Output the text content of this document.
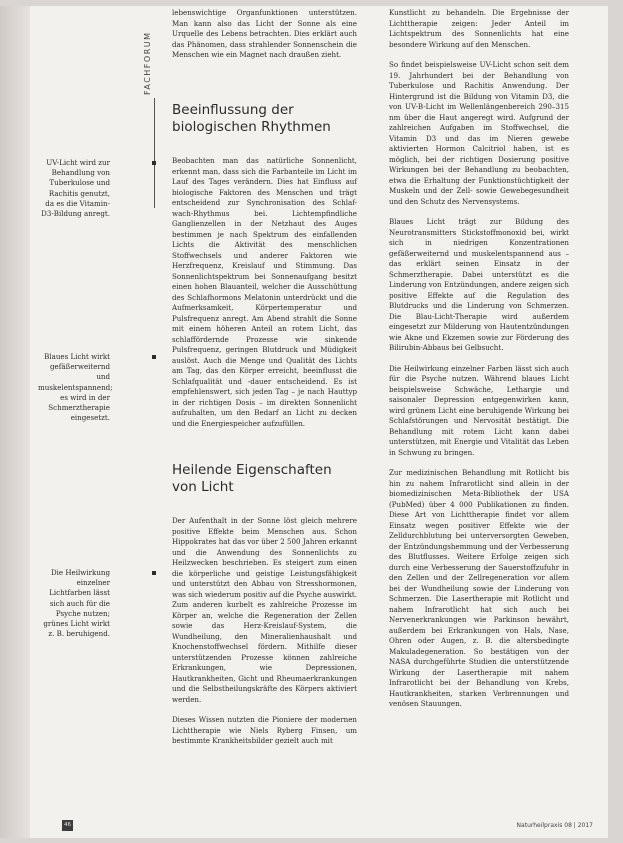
FACHFORUM

lebenswichtige Organfunktionen unterstützen. Man kann also das Licht der Sonne als eine Urquelle des Lebens betrachten. Dies erklärt auch das Phänomen, dass strahlender Sonnenschein die Menschen wie ein Magnet nach draußen zieht.

Beeinflussung der biologischen Rhythmen

Beobachten man das natürliche Sonnenlicht, erkennt man, dass sich die Farbanteile im Licht im Lauf des Tages verändern. Dies hat Einfluss auf biologische Faktoren des Menschen und trägt entscheidend zur Synchronisation des Schlaf-wach-Rhythmus bei. Lichtempfindliche Ganglienzellen in der Netzhaut des Auges bestimmen je nach Spektrum des einfallenden Lichts die Aktivität des menschlichen Stoffwechsels und anderer Faktoren wie Herzfrequenz, Kreislauf und Stimmung. Das Sonnenlichtspektrum bei Sonnenaufgang besitzt einen hohen Blauanteil, welcher die Ausschüttung des Schlafhormons Melatonin unterdrückt und die Aufmerksamkeit, Körpertemperatur und Pulsfrequenz anregt. Am Abend strahlt die Sonne mit einem höheren Anteil an rotem Licht, das schlaffördernde Prozesse wie sinkende Pulsfrequenz, geringen Blutdruck und Müdigkeit auslöst. Auch die Menge und Qualität des Lichts am Tag, das den Körper erreicht, beeinflusst die Schlafqualität und -dauer entscheidend. Es ist empfehlenswert, sich jeden Tag – je nach Hauttyp in der richtigen Dosis – im direkten Sonnenlicht aufzuhalten, um den Bedarf an Licht zu decken und die Energiespeicher aufzufüllen.

Heilende Eigenschaften von Licht

Der Aufenthalt in der Sonne löst gleich mehrere positive Effekte beim Menschen aus. Schon Hippokrates hat das vor über 2 500 Jahren erkannt und die Anwendung des Sonnenlichts zu Heilzwecken beschrieben. Es steigert zum einen die körperliche und geistige Leistungsfähigkeit und unterstützt den Abbau von Stresshormonen, was sich wiederum positiv auf die Psyche auswirkt. Zum anderen kurbelt es zahlreiche Prozesse im Körper an, welche die Regeneration der Zellen sowie das Herz-Kreislauf-System, die Wundheilung, den Mineralienhaushalt und Knochenstoffwechsel fördern. Mithilfe dieser unterstützenden Prozesse können zahlreiche Erkrankungen, wie Depressionen, Hautkrankheiten, Gicht und Rheumaerkrankungen und die Selbstheilungskräfte des Körpers aktiviert werden.

Dieses Wissen nutzten die Pioniere der modernen Lichttherapie wie Niels Ryberg Finsen, um bestimmte Krankheitsbilder gezielt auch mit

UV-Licht wird zur Behandlung von Tuberkulose und Rachitis genutzt, da es die Vitamin-D3-Bildung anregt.
Blaues Licht wirkt gefäßerweiternd und muskelentspannend; es wird in der Schmerztherapie eingesetzt.
Die Heilwirkung einzelner Lichtfarben lässt sich auch für die Psyche nutzen; grünes Licht wirkt z. B. beruhigend.

Kunstlicht zu behandeln. Die Ergebnisse der Lichttherapie zeigen: Jeder Anteil im Lichtspektrum des Sonnenlichts hat eine besondere Wirkung auf den Menschen.

So findet beispielsweise UV-Licht schon seit dem 19. Jahrhundert bei der Behandlung von Tuberkulose und Rachitis Anwendung. Der Hintergrund ist die Bildung von Vitamin D3, die von UV-B-Licht im Wellenlängenbereich 290–315 nm über die Haut angeregt wird. Aufgrund der zahlreichen Aufgaben im Stoffwechsel, die Vitamin D3 und das im Nieren gewebe aktivierten Hormon Calcitriol haben, ist es möglich, bei der richtigen Dosierung positive Wirkungen bei der Behandlung zu beobachten, etwa die Erhaltung der Funktionstüchtigkeit der Muskeln und der Zell- sowie Gewebegesundheit und den Schutz des Nervensystems.

Blaues Licht trägt zur Bildung des Neurotransmitters Stickstoffmonoxid bei, wirkt sich in niedrigen Konzentrationen gefäßerweiternd und muskelentspannend aus – das erklärt seinen Einsatz in der Schmerztherapie. Dabei unterstützt es die Linderung von Entzündungen, andere zeigen sich positive Effekte auf die Regulation des Blutdrucks und die Linderung von Schmerzen. Die Blau-Licht-Therapie wird außerdem eingesetzt zur Milderung von Hautentzündungen wie Akne und Ekzemen sowie zur Förderung des Bilirubin-Abbaus bei Gelbsucht.

Die Heilwirkung einzelner Farben lässt sich auch für die Psyche nutzen. Während blaues Licht beispielsweise Schwäche, Lethargie und saisonaler Depression entgegenwirken kann, wird grünem Licht eine beruhigende Wirkung bei Schlafstörungen und Nervosität bestätigt. Die Behandlung mit rotem Licht kann dabei unterstützen, mit Energie und Vitalität das Leben in Schwung zu bringen.

Zur medizinischen Behandlung mit Rotlicht bis hin zu nahem Infrarotlicht sind allein in der biomedizinischen Meta-Bibliothek der USA (PubMed) über 4 000 Publikationen zu finden. Diese Art von Lichttherapie findet vor allem Einsatz wegen positiver Effekte wie der Zelldurchblutung bei unterversorgten Geweben, der Entzündungshemmung und der Verbesserung des Blutflusses. Weitere Erfolge zeigen sich durch eine Verbesserung der Sauerstoffzufuhr in den Zellen und der Zellregeneration vor allem bei der Wundheilung sowie der Linderung von Schmerzen. Die Lasertherapie mit Rotlicht und nahem Infrarotlicht hat sich auch bei Nervenerkrankungen wie Parkinson bewährt, außerdem bei Erkrankungen von Hals, Nase, Ohren oder Augen, z. B. die altersbedingte Makuladegeneration. So bestätigen von der NASA durchgeführte Studien die unterstützende Wirkung der Lasertherapie mit nahem Infrarotlicht bei der Behandlung von Krebs, Hautkrankheiten, starken Verbrennungen und venösen Stauungen.

46	Naturheilpraxis 08 | 2017
